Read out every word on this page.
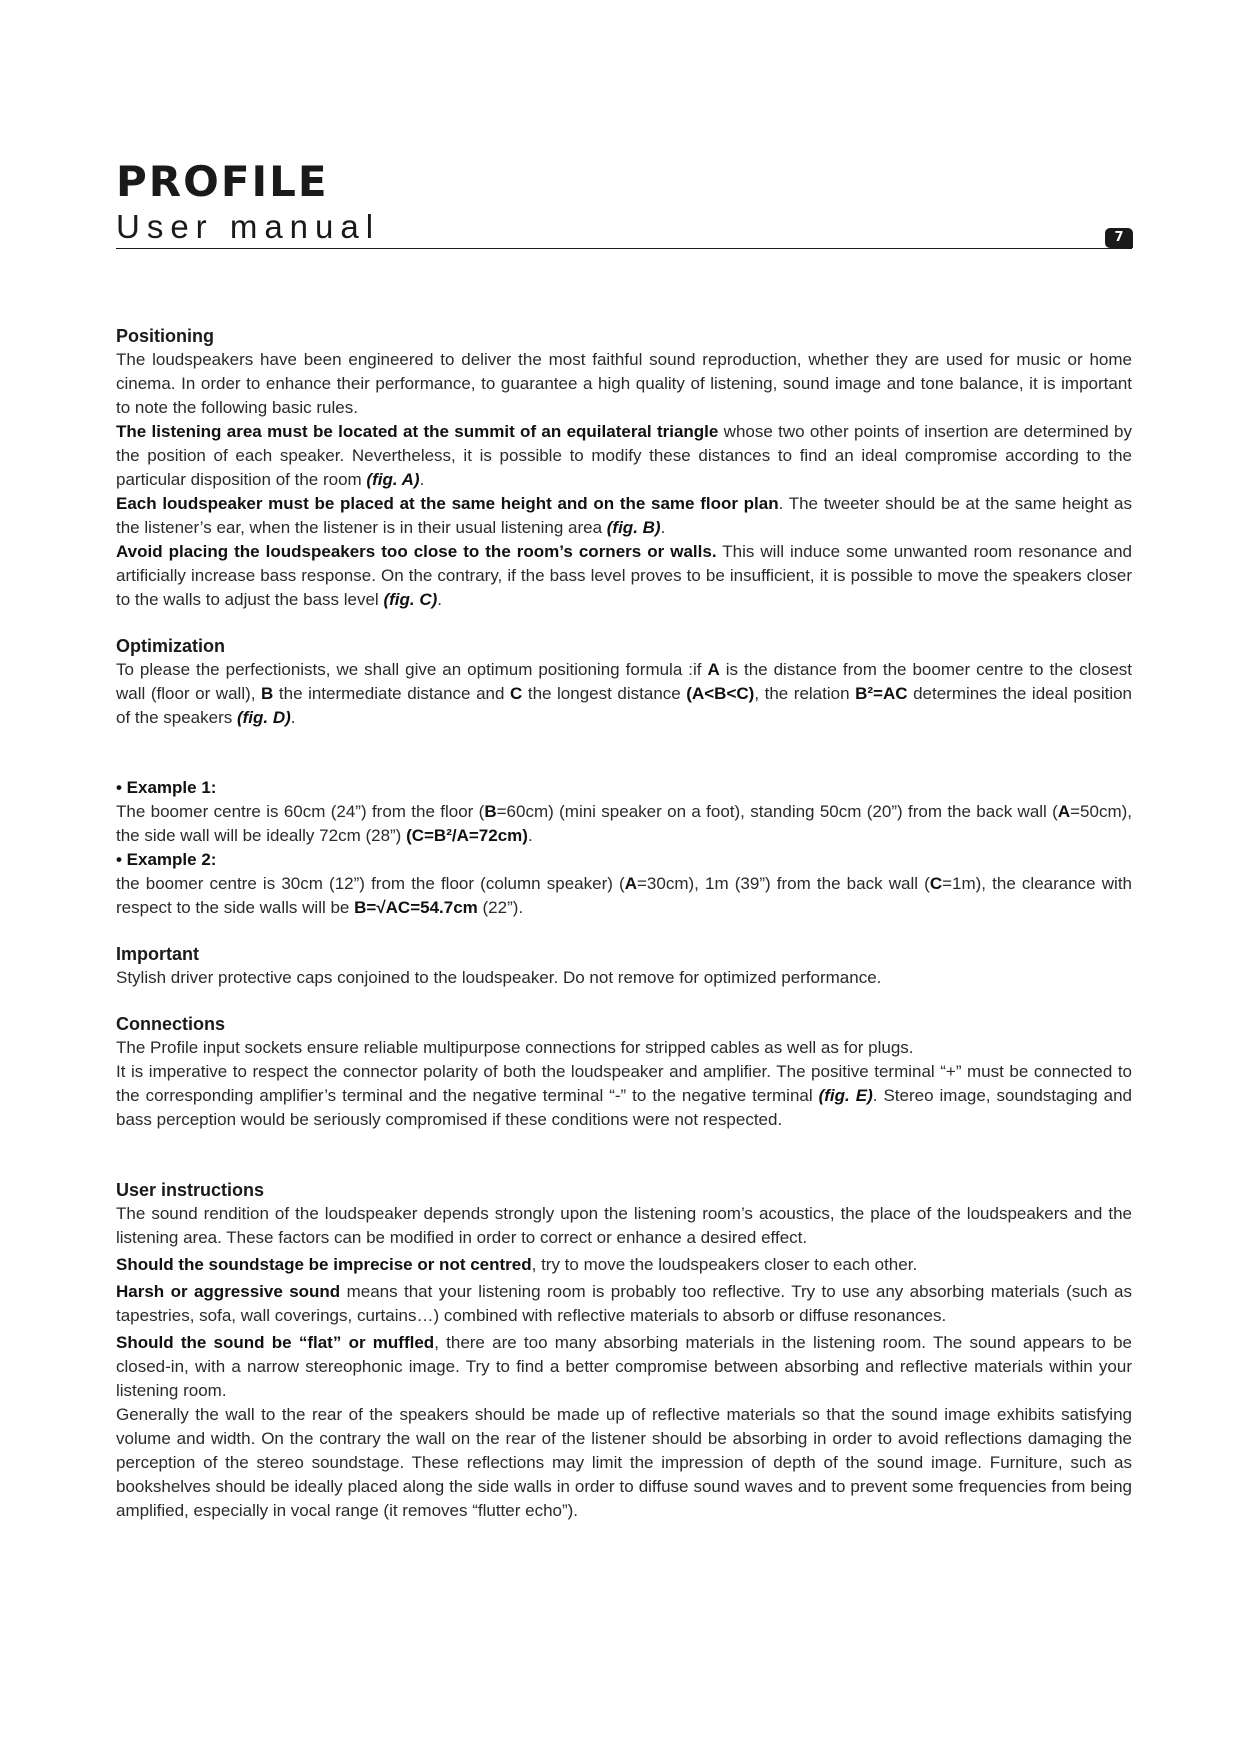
PROFILE
User manual	7
Positioning

The loudspeakers have been engineered to deliver the most faithful sound reproduction, whether they are used for music or home cinema. In order to enhance their performance, to guarantee a high quality of listening, sound image and tone balance, it is important to note the following basic rules.

The listening area must be located at the summit of an equilateral triangle whose two other points of insertion are determined by the position of each speaker. Nevertheless, it is possible to modify these distances to find an ideal compromise according to the particular disposition of the room (fig. A).

Each loudspeaker must be placed at the same height and on the same floor plan. The tweeter should be at the same height as the listener’s ear, when the listener is in their usual listening area (fig. B).

Avoid placing the loudspeakers too close to the room’s corners or walls. This will induce some unwanted room resonance and artificially increase bass response. On the contrary, if the bass level proves to be insufficient, it is possible to move the speakers closer to the walls to adjust the bass level (fig. C).

Optimization

To please the perfectionists, we shall give an optimum positioning formula :if A is the distance from the boomer centre to the closest wall (floor or wall), B the intermediate distance and C the longest distance (A<B<C), the relation B²=AC determines the ideal position of the speakers (fig. D).

• Example 1:

The boomer centre is 60cm (24”) from the floor (B=60cm) (mini speaker on a foot), standing 50cm (20”) from the back wall (A=50cm), the side wall will be ideally 72cm (28”) (C=B²/A=72cm).

• Example 2:

the boomer centre is 30cm (12”) from the floor (column speaker) (A=30cm), 1m (39”) from the back wall (C=1m), the clearance with respect to the side walls will be B=√AC=54.7cm (22”).

Important

Stylish driver protective caps conjoined to the loudspeaker. Do not remove for optimized performance.

Connections

The Profile input sockets ensure reliable multipurpose connections for stripped cables as well as for plugs.

It is imperative to respect the connector polarity of both the loudspeaker and amplifier. The positive terminal “+” must be connected to the corresponding amplifier’s terminal and the negative terminal “-” to the negative terminal (fig. E). Stereo image, soundstaging and bass perception would be seriously compromised if these conditions were not respected.

User instructions

The sound rendition of the loudspeaker depends strongly upon the listening room’s acoustics, the place of the loudspeakers and the listening area. These factors can be modified in order to correct or enhance a desired effect.

Should the soundstage be imprecise or not centred, try to move the loudspeakers closer to each other.

Harsh or aggressive sound means that your listening room is probably too reflective. Try to use any absorbing materials (such as tapestries, sofa, wall coverings, curtains…) combined with reflective materials to absorb or diffuse resonances.

Should the sound be “flat” or muffled, there are too many absorbing materials in the listening room. The sound appears to be closed-in, with a narrow stereophonic image. Try to find a better compromise between absorbing and reflective materials within your listening room.

Generally the wall to the rear of the speakers should be made up of reflective materials so that the sound image exhibits satisfying volume and width. On the contrary the wall on the rear of the listener should be absorbing in order to avoid reflections damaging the perception of the stereo soundstage. These reflections may limit the impression of depth of the sound image. Furniture, such as bookshelves should be ideally placed along the side walls in order to diffuse sound waves and to prevent some frequencies from being amplified, especially in vocal range (it removes “flutter echo”).
